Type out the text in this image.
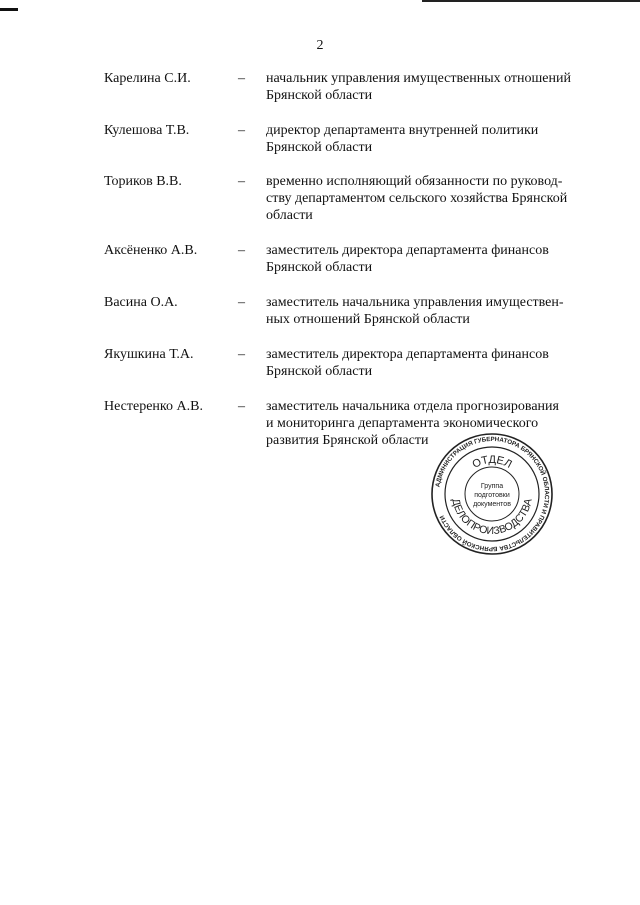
2
Карелина С.И.	– начальник управления имущественных отношений
Брянской области
Кулешова Т.В.	– директор департамента внутренней политики
Брянской области
Ториков В.В.	– временно исполняющий обязанности по руковод-
ству департаментом сельского хозяйства Брянской
области
Аксёненко А.В.	– заместитель директора департамента финансов
Брянской области
Васина О.А.	– заместитель начальника управления имуществен-
ных отношений Брянской области
Якушкина Т.А.	– заместитель директора департамента финансов
Брянской области
Нестеренко А.В.	– заместитель начальника отдела прогнозирования
и мониторинга департамента экономического
развития Брянской области
АДМИНИСТРАЦИЯ ГУБЕРНАТОРА БРЯНСКОЙ ОБЛАСТИ И ПРАВИТЕЛЬСТВА БРЯНСКОЙ ОБЛАСТИ
ОТДЕЛ
ДЕЛОПРОИЗВОДСТВА
Группа
подготовки
документов
